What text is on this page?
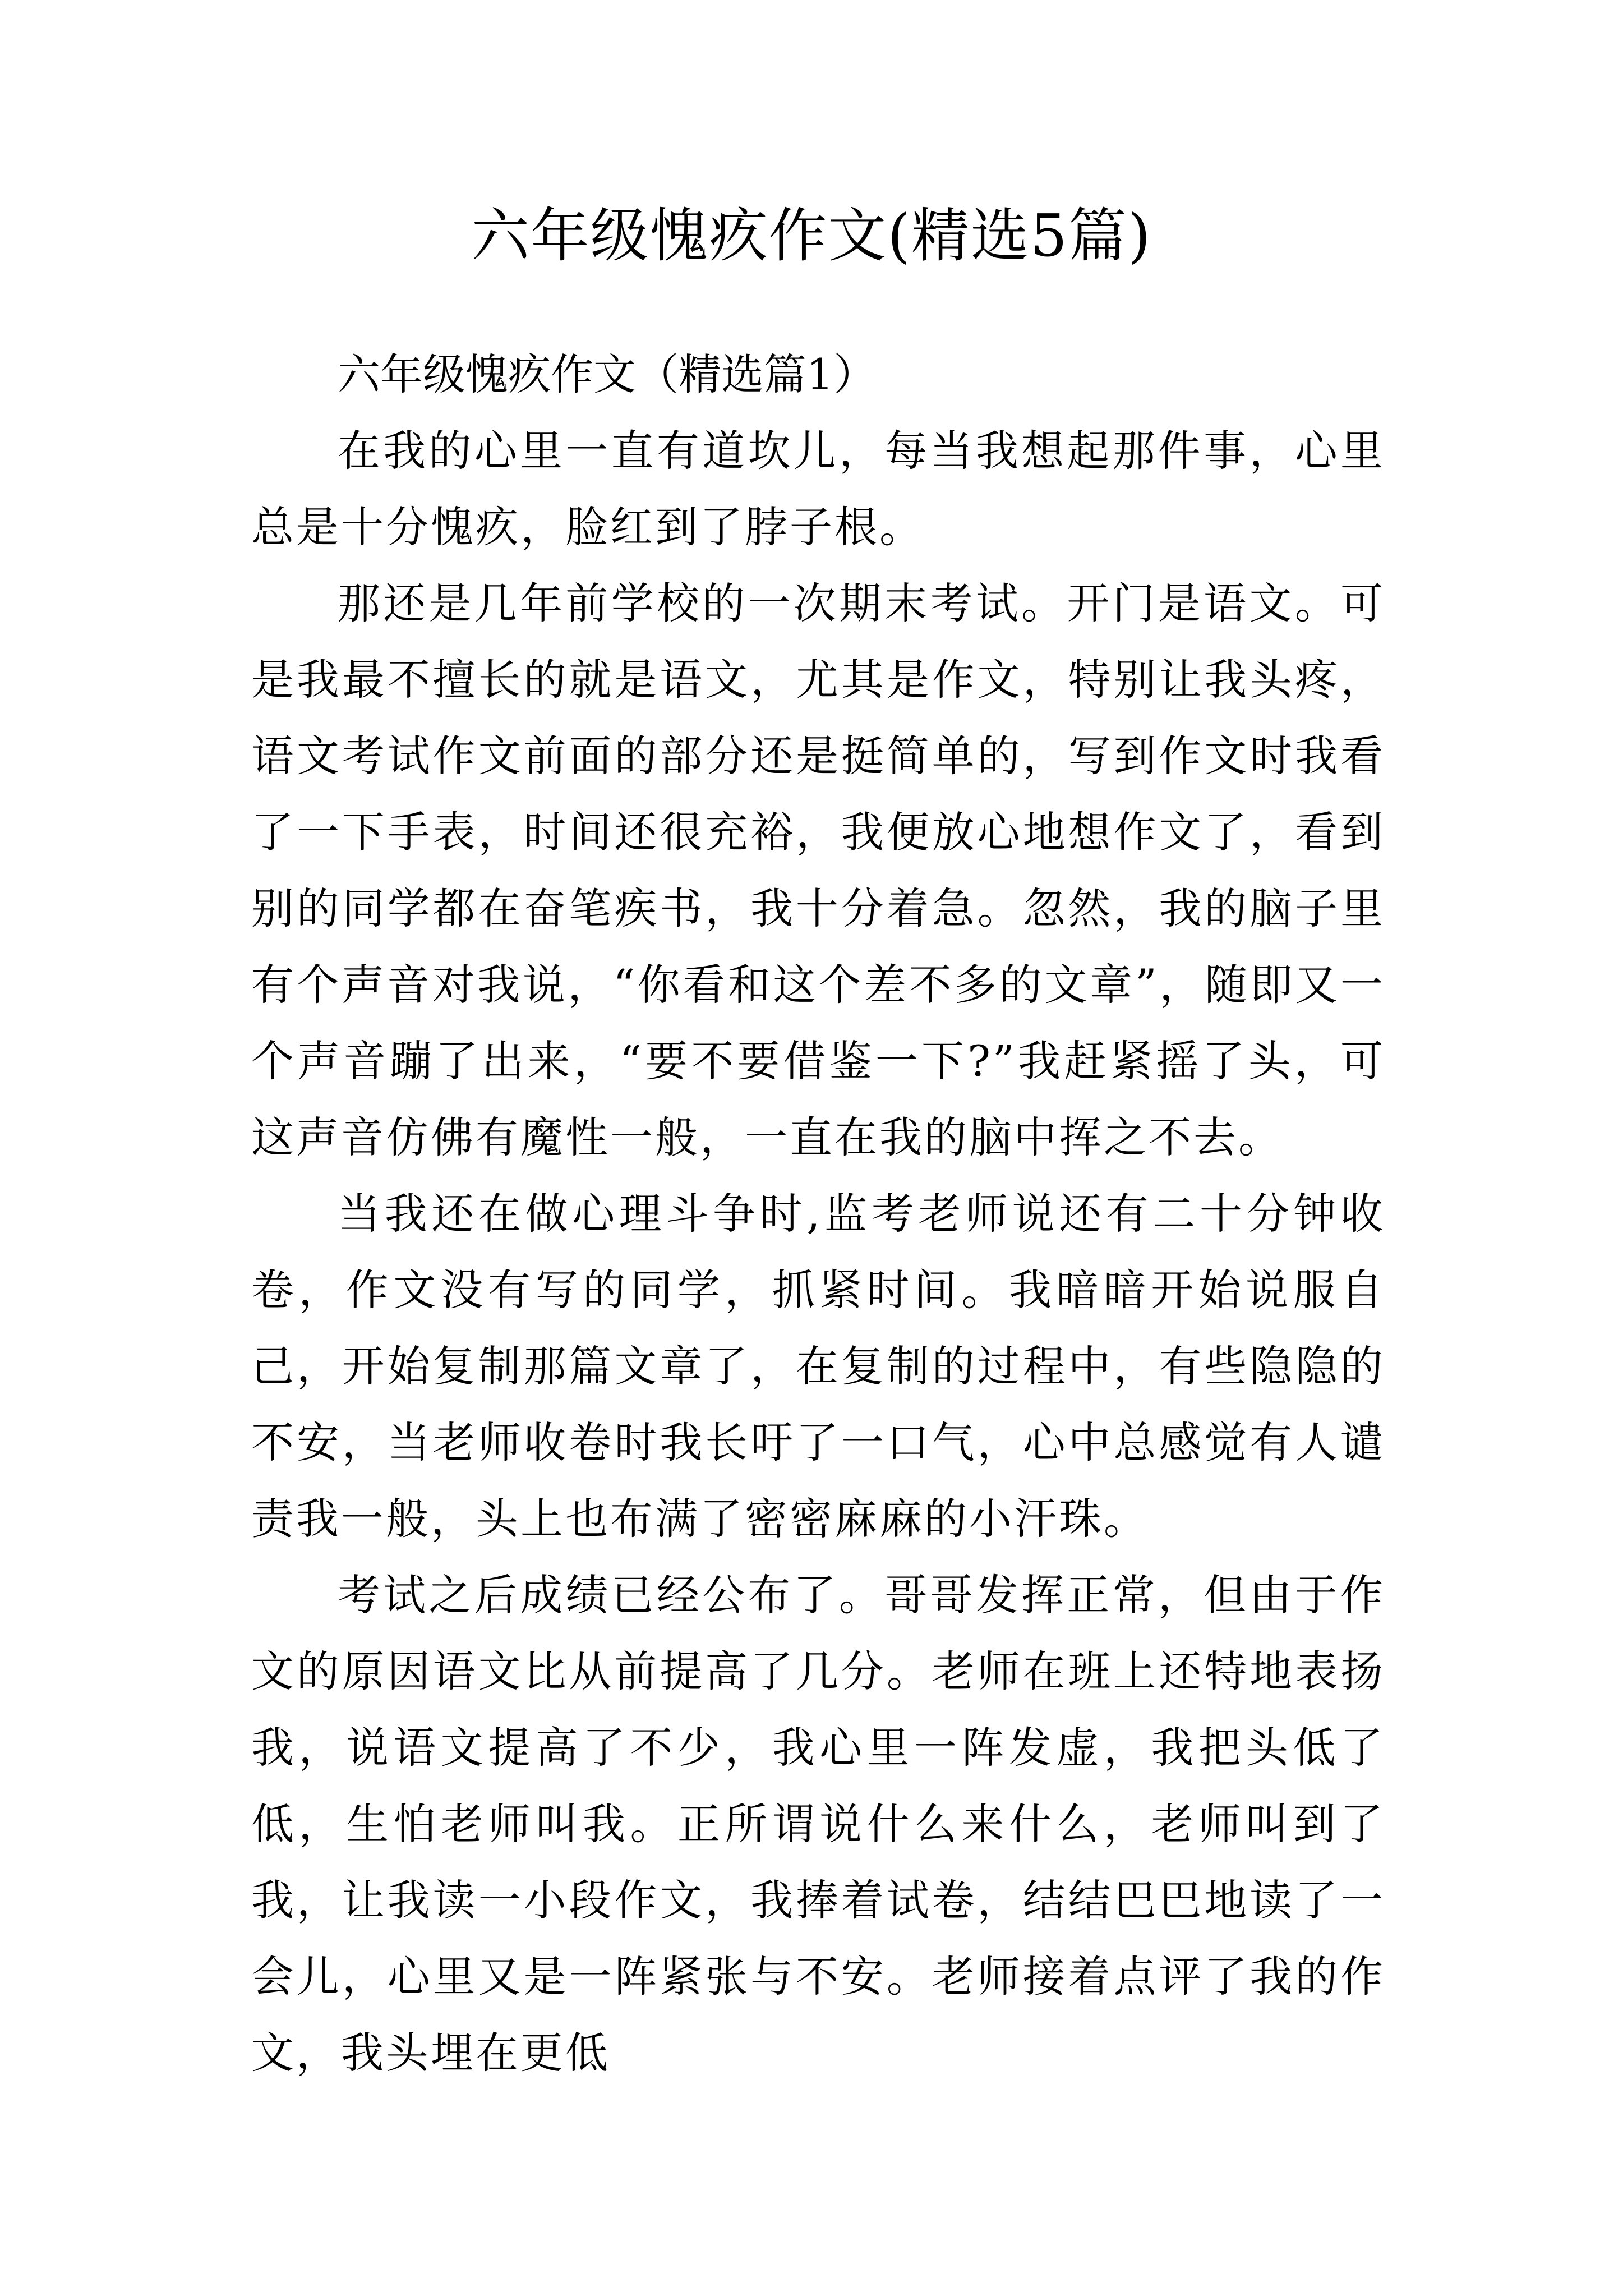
六年级愧疚作文(精选5篇)

六年级愧疚作文（精选篇1）

在我的心里一直有道坎儿，每当我想起那件事，心里总是十分愧疚，脸红到了脖子根。

那还是几年前学校的一次期末考试。开门是语文。可是我最不擅长的就是语文，尤其是作文，特别让我头疼，语文考试作文前面的部分还是挺简单的，写到作文时我看了一下手表，时间还很充裕，我便放心地想作文了，看到别的同学都在奋笔疾书，我十分着急。忽然，我的脑子里有个声音对我说，“你看和这个差不多的文章”，随即又一个声音蹦了出来，“要不要借鉴一下?”我赶紧摇了头，可这声音仿佛有魔性一般，一直在我的脑中挥之不去。

当我还在做心理斗争时,监考老师说还有二十分钟收卷，作文没有写的同学，抓紧时间。我暗暗开始说服自己，开始复制那篇文章了，在复制的过程中，有些隐隐的不安，当老师收卷时我长吁了一口气，心中总感觉有人谴责我一般，头上也布满了密密麻麻的小汗珠。

考试之后成绩已经公布了。哥哥发挥正常，但由于作文的原因语文比从前提高了几分。老师在班上还特地表扬我，说语文提高了不少，我心里一阵发虚，我把头低了低，生怕老师叫我。正所谓说什么来什么，老师叫到了我，让我读一小段作文，我捧着试卷，结结巴巴地读了一会儿，心里又是一阵紧张与不安。老师接着点评了我的作文，我头埋在更低
